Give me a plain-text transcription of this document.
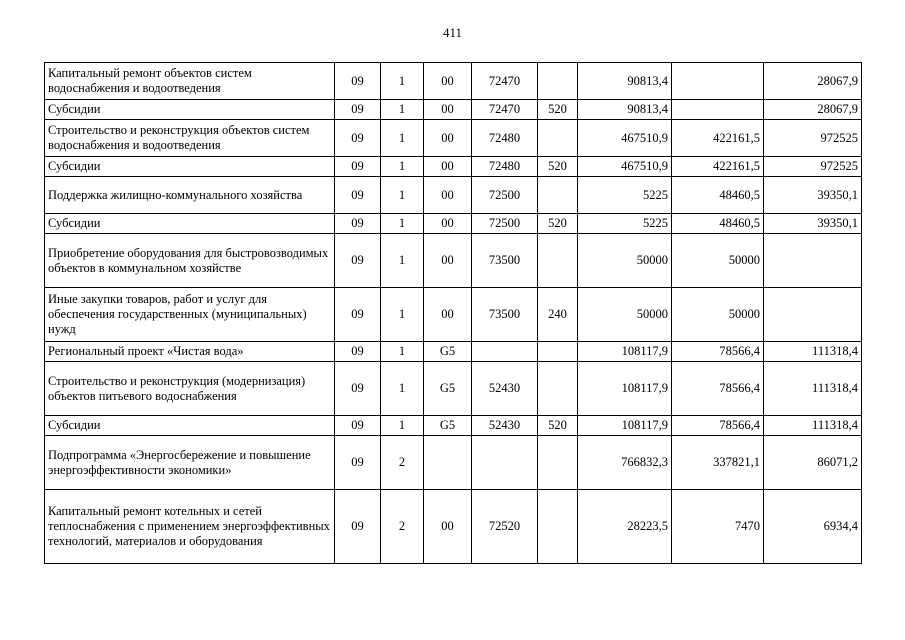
411
Капитальный ремонт объектов систем водоснабжения и водоотведения	09	1	00	72470		90813,4		28067,9
Субсидии	09	1	00	72470	520	90813,4		28067,9
Строительство и реконструкция объектов систем водоснабжения и водоотведения	09	1	00	72480		467510,9	422161,5	972525
Субсидии	09	1	00	72480	520	467510,9	422161,5	972525
Поддержка жилищно-коммунального хозяйства	09	1	00	72500		5225	48460,5	39350,1
Субсидии	09	1	00	72500	520	5225	48460,5	39350,1
Приобретение оборудования для быстровозводимых объектов в коммунальном хозяйстве	09	1	00	73500		50000	50000	
Иные закупки товаров, работ и услуг для обеспечения государственных (муниципальных) нужд	09	1	00	73500	240	50000	50000	
Региональный проект «Чистая вода»	09	1	G5			108117,9	78566,4	111318,4
Строительство и реконструкция (модернизация) объектов питьевого водоснабжения	09	1	G5	52430		108117,9	78566,4	111318,4
Субсидии	09	1	G5	52430	520	108117,9	78566,4	111318,4
Подпрограмма «Энергосбережение и повышение энергоэффективности экономики»	09	2				766832,3	337821,1	86071,2
Капитальный ремонт котельных и сетей теплоснабжения с применением энергоэффективных технологий, материалов и оборудования	09	2	00	72520		28223,5	7470	6934,4
